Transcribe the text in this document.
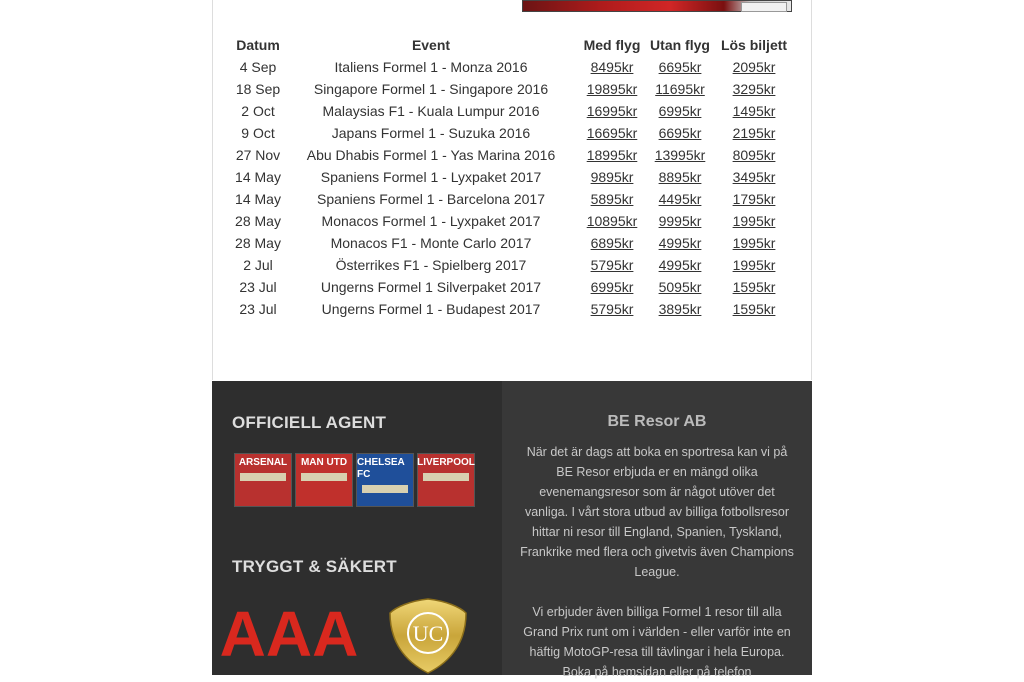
Datum	Event	Med flyg	Utan flyg	Lös biljett
4 Sep	Italiens Formel 1 - Monza 2016	8495kr	6695kr	2095kr
18 Sep	Singapore Formel 1 - Singapore 2016	19895kr	11695kr	3295kr
2 Oct	Malaysias F1 - Kuala Lumpur 2016	16995kr	6995kr	1495kr
9 Oct	Japans Formel 1 - Suzuka 2016	16695kr	6695kr	2195kr
27 Nov	Abu Dhabis Formel 1 - Yas Marina 2016	18995kr	13995kr	8095kr
14 May	Spaniens Formel 1 - Lyxpaket 2017	9895kr	8895kr	3495kr
14 May	Spaniens Formel 1 - Barcelona 2017	5895kr	4495kr	1795kr
28 May	Monacos Formel 1 - Lyxpaket 2017	10895kr	9995kr	1995kr
28 May	Monacos F1 - Monte Carlo 2017	6895kr	4995kr	1995kr
2 Jul	Österrikes F1 - Spielberg 2017	5795kr	4995kr	1995kr
23 Jul	Ungerns Formel 1 Silverpaket 2017	6995kr	5095kr	1595kr
23 Jul	Ungerns Formel 1 - Budapest 2017	5795kr	3895kr	1595kr
OFFICIELL AGENT
ARSENAL MAN UTD CHELSEA FC
LIVERPOOL
TRYGGT & SÄKERT
AAA UC
BE Resor AB
När det är dags att boka en sportresa kan vi på BE Resor erbjuda er en mängd olika evenemangsresor som är något utöver det vanliga. I vårt stora utbud av billiga fotbollsresor hittar ni resor till England, Spanien, Tyskland, Frankrike med flera och givetvis även Champions League.
Vi erbjuder även billiga Formel 1 resor till alla Grand Prix runt om i världen - eller varför inte en häftig MotoGP-resa till tävlingar i hela Europa. Boka på hemsidan eller på telefon
